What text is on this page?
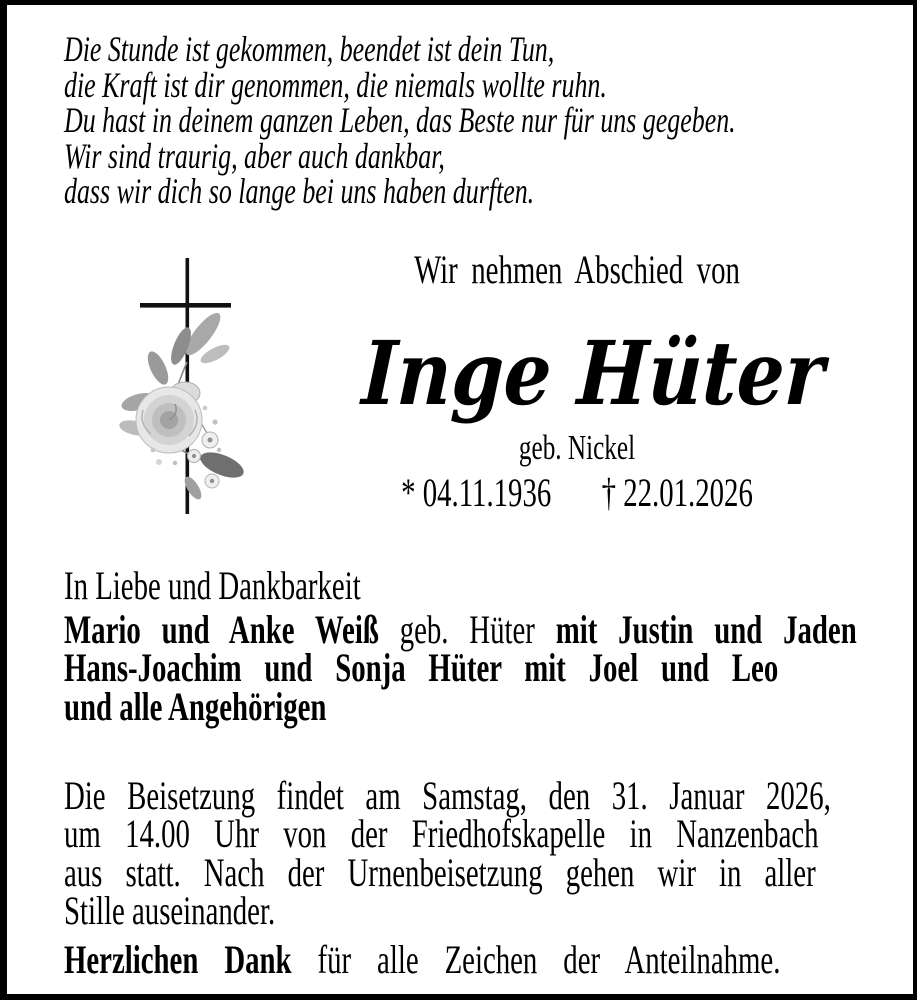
Die Stunde ist gekommen, beendet ist dein Tun,
die Kraft ist dir genommen, die niemals wollte ruhn.
Du hast in deinem ganzen Leben, das Beste nur für uns gegeben.
Wir sind traurig, aber auch dankbar,
dass wir dich so lange bei uns haben durften.
Wir nehmen Abschied von
Inge Hüter
geb. Nickel
* 04.11.1936 † 22.01.2026
In Liebe und Dankbarkeit
Mario und Anke Weiß geb. Hüter mit Justin und Jaden
Hans-Joachim und Sonja Hüter mit Joel und Leo
und alle Angehörigen
Die Beisetzung findet am Samstag, den 31. Januar 2026,
um 14.00 Uhr von der Friedhofskapelle in Nanzenbach
aus statt. Nach der Urnenbeisetzung gehen wir in aller
Stille auseinander.
Herzlichen Dank für alle Zeichen der Anteilnahme.
